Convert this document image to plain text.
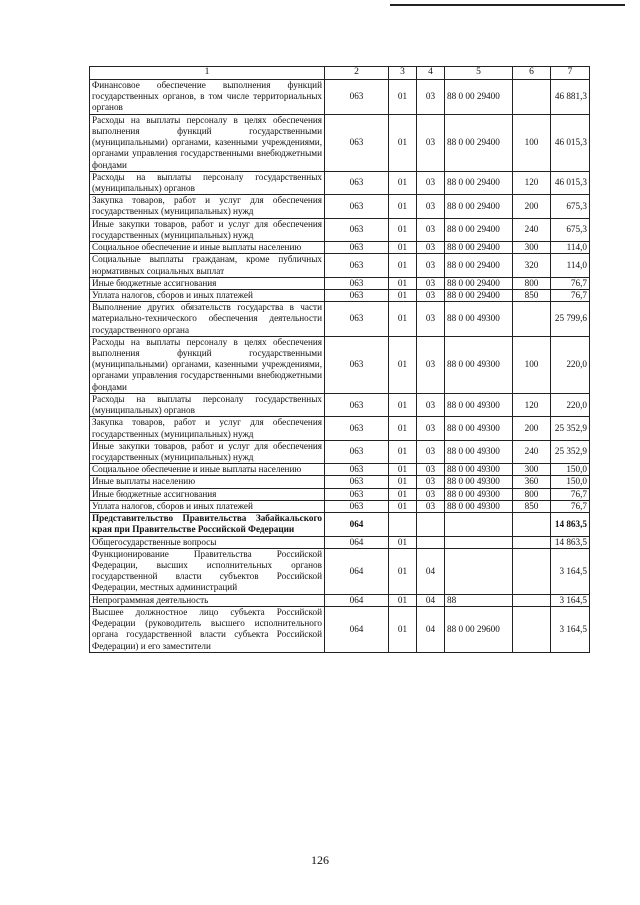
1	2	3	4	5	6	7
Финансовое обеспечение выполнения функций государственных органов, в том числе территориальных органов	063	01	03	88 0 00 29400		46 881,3
Расходы на выплаты персоналу в целях обеспечения выполнения функций государственными (муниципальными) органами, казенными учреждениями, органами управления государственными внебюджетными фондами	063	01	03	88 0 00 29400	100	46 015,3
Расходы на выплаты персоналу государственных (муниципальных) органов	063	01	03	88 0 00 29400	120	46 015,3
Закупка товаров, работ и услуг для обеспечения государственных (муниципальных) нужд	063	01	03	88 0 00 29400	200	675,3
Иные закупки товаров, работ и услуг для обеспечения государственных (муниципальных) нужд	063	01	03	88 0 00 29400	240	675,3
Социальное обеспечение и иные выплаты населению	063	01	03	88 0 00 29400	300	114,0
Социальные выплаты гражданам, кроме публичных нормативных социальных выплат	063	01	03	88 0 00 29400	320	114,0
Иные бюджетные ассигнования	063	01	03	88 0 00 29400	800	76,7
Уплата налогов, сборов и иных платежей	063	01	03	88 0 00 29400	850	76,7
Выполнение других обязательств государства в части материально-технического обеспечения деятельности государственного органа	063	01	03	88 0 00 49300		25 799,6
Расходы на выплаты персоналу в целях обеспечения выполнения функций государственными (муниципальными) органами, казенными учреждениями, органами управления государственными внебюджетными фондами	063	01	03	88 0 00 49300	100	220,0
Расходы на выплаты персоналу государственных (муниципальных) органов	063	01	03	88 0 00 49300	120	220,0
Закупка товаров, работ и услуг для обеспечения государственных (муниципальных) нужд	063	01	03	88 0 00 49300	200	25 352,9
Иные закупки товаров, работ и услуг для обеспечения государственных (муниципальных) нужд	063	01	03	88 0 00 49300	240	25 352,9
Социальное обеспечение и иные выплаты населению	063	01	03	88 0 00 49300	300	150,0
Иные выплаты населению	063	01	03	88 0 00 49300	360	150,0
Иные бюджетные ассигнования	063	01	03	88 0 00 49300	800	76,7
Уплата налогов, сборов и иных платежей	063	01	03	88 0 00 49300	850	76,7
Представительство Правительства Забайкальского края при Правительстве Российской Федерации	064					14 863,5
Общегосударственные вопросы	064	01				14 863,5
Функционирование Правительства Российской Федерации, высших исполнительных органов государственной власти субъектов Российской Федерации, местных администраций	064	01	04			3 164,5
Непрограммная деятельность	064	01	04	88		3 164,5
Высшее должностное лицо субъекта Российской Федерации (руководитель высшего исполнительного органа государственной власти субъекта Российской Федерации) и его заместители	064	01	04	88 0 00 29600		3 164,5
126
